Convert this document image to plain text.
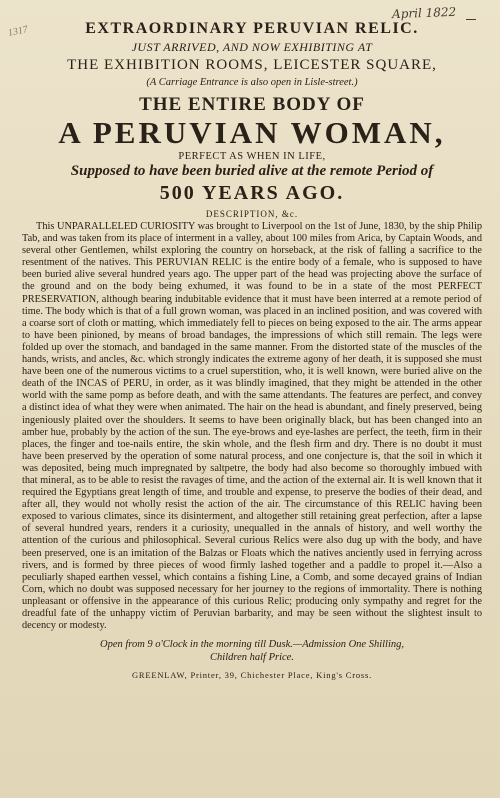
1317
April 1822
EXTRAORDINARY PERUVIAN RELIC.
JUST ARRIVED, AND NOW EXHIBITING AT
THE EXHIBITION ROOMS, LEICESTER SQUARE,
(A Carriage Entrance is also open in Lisle-street.)
THE ENTIRE BODY OF
A PERUVIAN WOMAN,
PERFECT AS WHEN IN LIFE,
Supposed to have been buried alive at the remote Period of
500 YEARS AGO.
DESCRIPTION, &c.
This UNPARALLELED CURIOSITY was brought to Liverpool on the 1st of June, 1830, by the ship Philip Tab, and was taken from its place of interment in a valley, about 100 miles from Arica, by Captain Woods, and several other Gentlemen, whilst exploring the country on horseback, at the risk of falling a sacrifice to the resentment of the natives. This PERUVIAN RELIC is the entire body of a female, who is supposed to have been buried alive several hundred years ago. The upper part of the head was projecting above the surface of the ground and on the body being exhumed, it was found to be in a state of the most PERFECT PRESERVATION, although bearing indubitable evidence that it must have been interred at a remote period of time. The body which is that of a full grown woman, was placed in an inclined position, and was covered with a coarse sort of cloth or matting, which immediately fell to pieces on being exposed to the air. The arms appear to have been pinioned, by means of broad bandages, the impressions of which still remain. The legs were folded up over the stomach, and bandaged in the same manner. From the distorted state of the muscles of the hands, wrists, and ancles, &c. which strongly indicates the extreme agony of her death, it is supposed she must have been one of the numerous victims to a cruel superstition, who, it is well known, were buried alive on the death of the INCAS of PERU, in order, as it was blindly imagined, that they might be attended in the other world with the same pomp as before death, and with the same attendants. The features are perfect, and convey a distinct idea of what they were when animated. The hair on the head is abundant, and finely preserved, being ingeniously plaited over the shoulders. It seems to have been originally black, but has been changed into an amber hue, probably by the action of the sun. The eye-brows and eye-lashes are perfect, the teeth, firm in their places, the finger and toe-nails entire, the skin whole, and the flesh firm and dry. There is no doubt it must have been preserved by the operation of some natural process, and one conjecture is, that the soil in which it was deposited, being much impregnated by saltpetre, the body had also become so thoroughly imbued with that mineral, as to be able to resist the ravages of time, and the action of the external air. It is well known that it required the Egyptians great length of time, and trouble and expense, to preserve the bodies of their dead, and after all, they would not wholly resist the action of the air. The circumstance of this RELIC having been exposed to various climates, since its disinterment, and altogether still retaining great perfection, after a lapse of several hundred years, renders it a curiosity, unequalled in the annals of history, and well worthy the attention of the curious and philosophical. Several curious Relics were also dug up with the body, and have been preserved, one is an imitation of the Balzas or Floats which the natives anciently used in ferrying across rivers, and is formed by three pieces of wood firmly lashed together and a paddle to propel it.—Also a peculiarly shaped earthen vessel, which contains a fishing Line, a Comb, and some decayed grains of Indian Corn, which no doubt was supposed necessary for her journey to the regions of immortality. There is nothing unpleasant or offensive in the appearance of this curious Relic; producing only sympathy and regret for the dreadful fate of the unhappy victim of Peruvian barbarity, and may be seen without the slightest insult to decency or modesty.
Open from 9 o'Clock in the morning till Dusk.—Admission One Shilling,
Children half Price.
GREENLAW, Printer, 39, Chichester Place, King's Cross.
